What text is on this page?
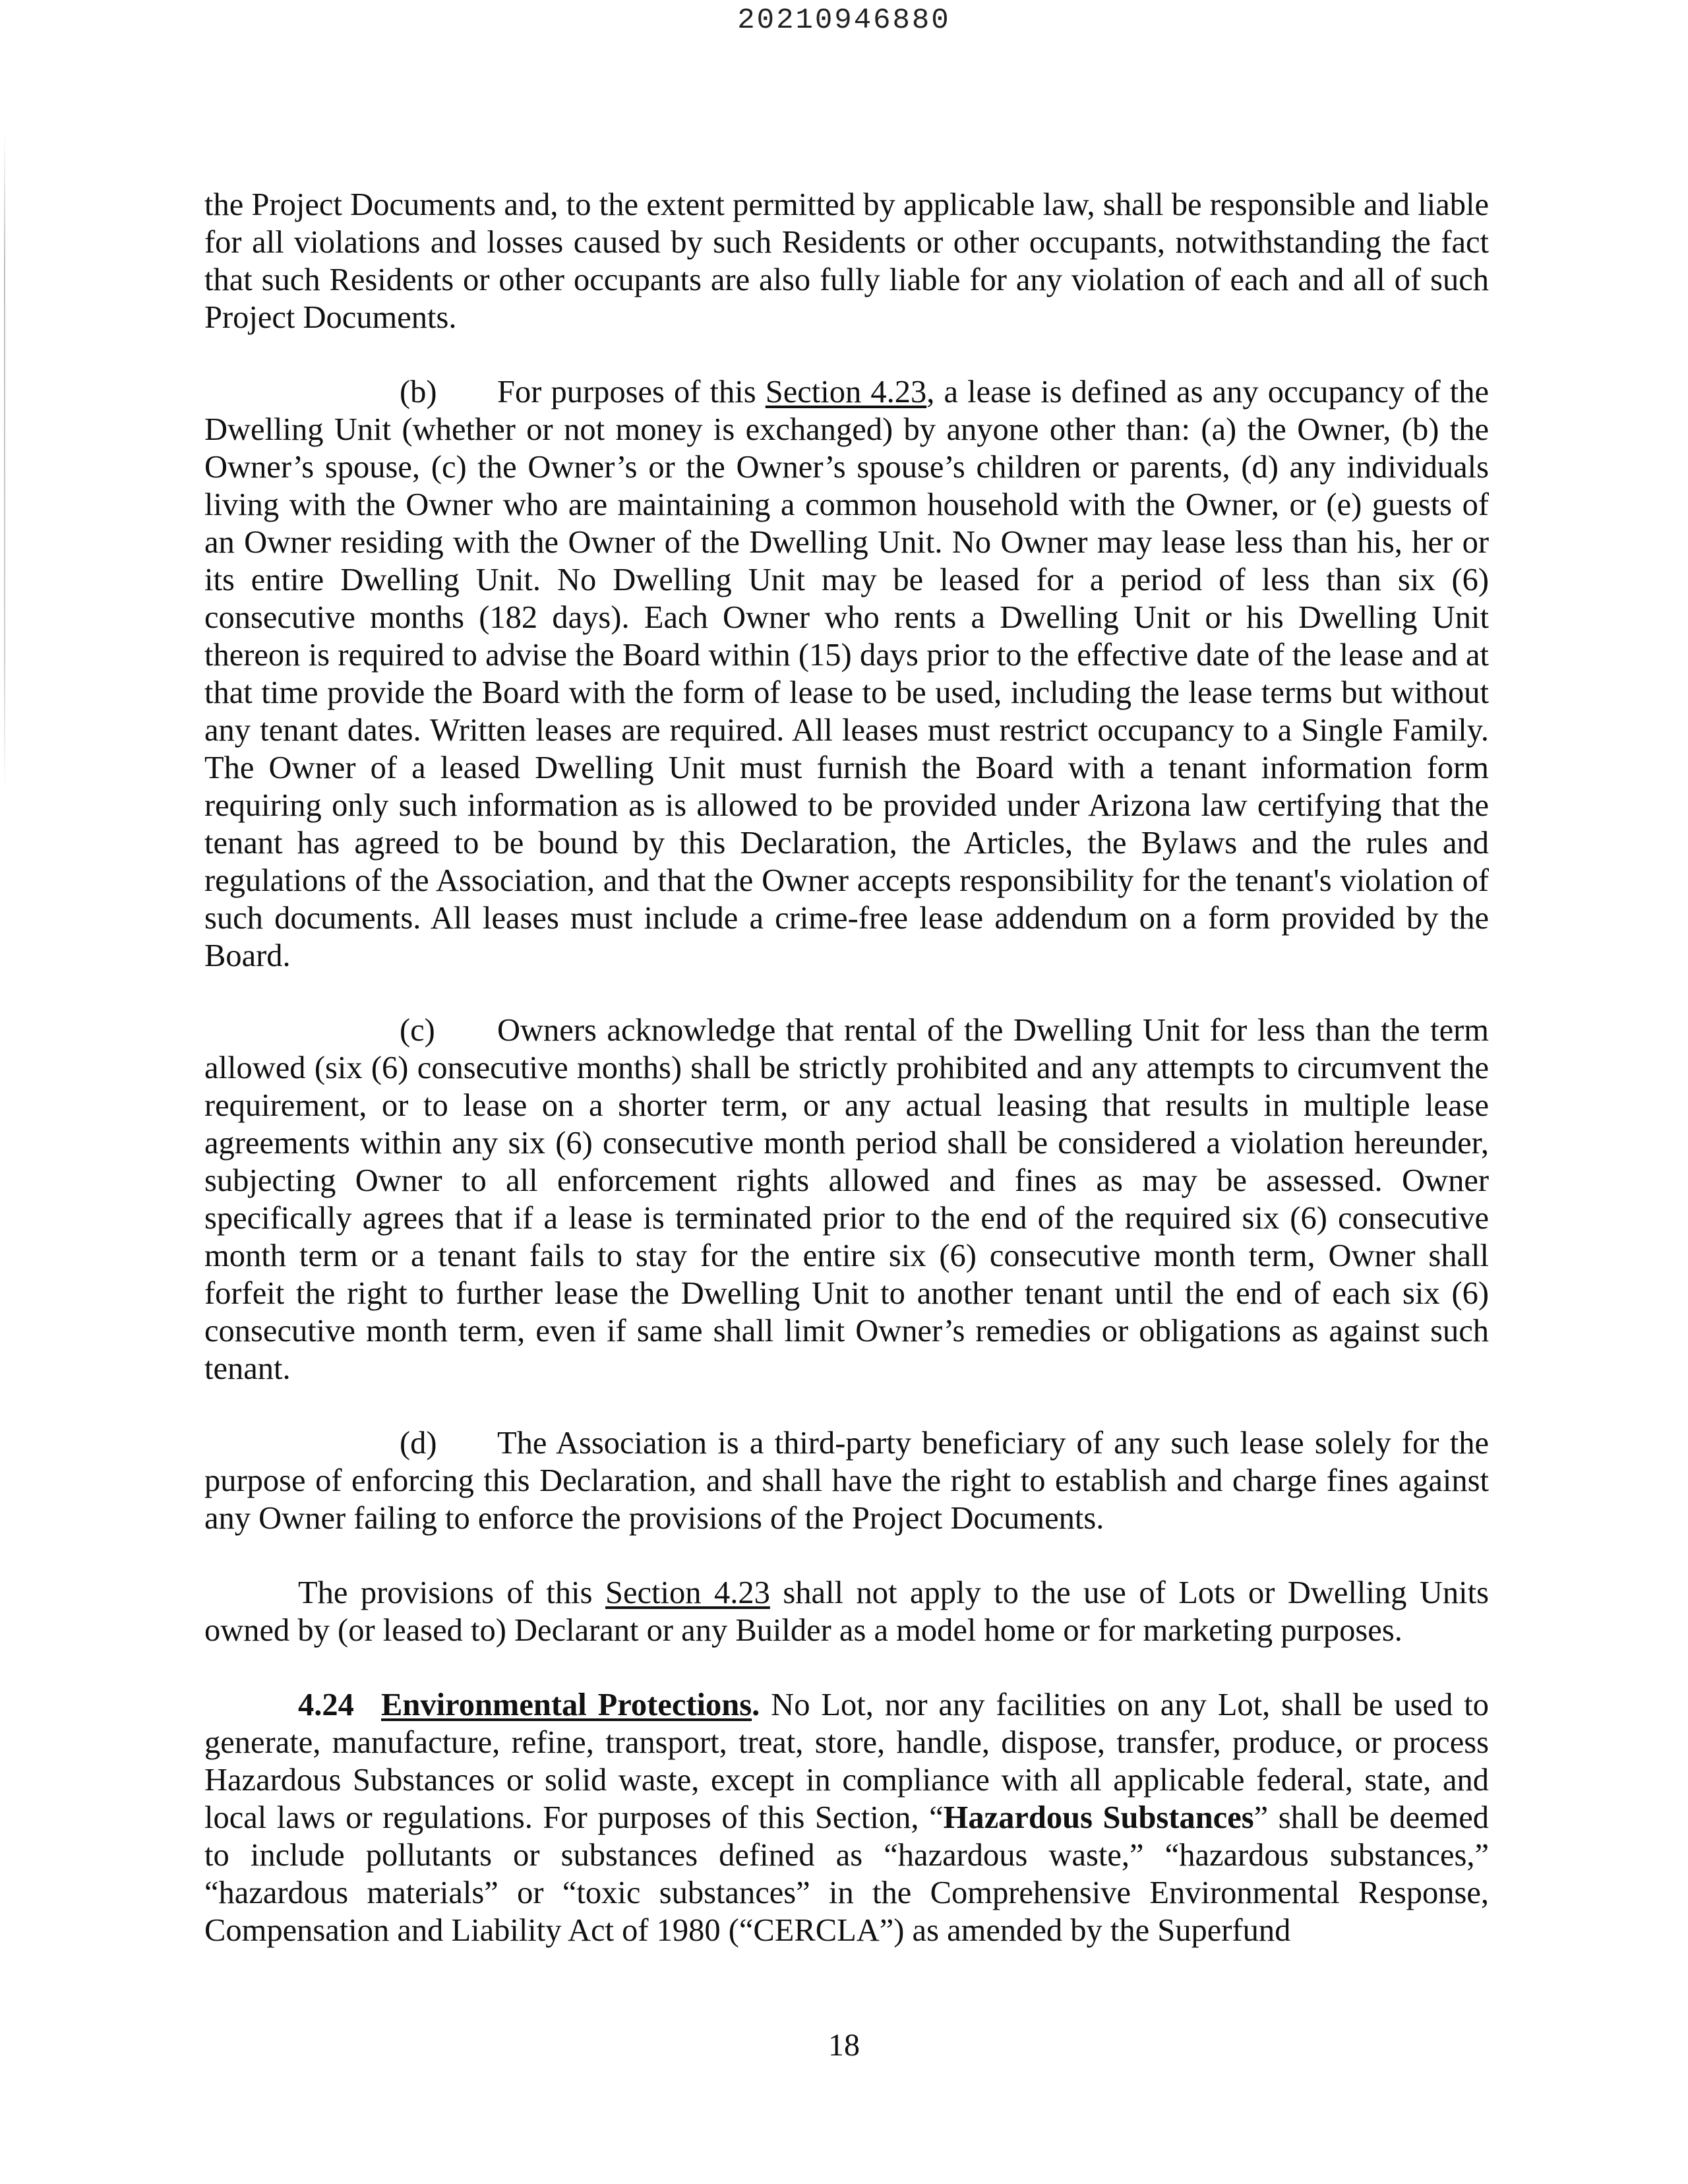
20210946880

the Project Documents and, to the extent permitted by applicable law, shall be responsible and liable for all violations and losses caused by such Residents or other occupants, notwithstanding the fact that such Residents or other occupants are also fully liable for any violation of each and all of such Project Documents.

(b) For purposes of this Section 4.23, a lease is defined as any occupancy of the Dwelling Unit (whether or not money is exchanged) by anyone other than: (a) the Owner, (b) the Owner’s spouse, (c) the Owner’s or the Owner’s spouse’s children or parents, (d) any individuals living with the Owner who are maintaining a common household with the Owner, or (e) guests of an Owner residing with the Owner of the Dwelling Unit. No Owner may lease less than his, her or its entire Dwelling Unit. No Dwelling Unit may be leased for a period of less than six (6) consecutive months (182 days). Each Owner who rents a Dwelling Unit or his Dwelling Unit thereon is required to advise the Board within (15) days prior to the effective date of the lease and at that time provide the Board with the form of lease to be used, including the lease terms but without any tenant dates. Written leases are required. All leases must restrict occupancy to a Single Family. The Owner of a leased Dwelling Unit must furnish the Board with a tenant information form requiring only such information as is allowed to be provided under Arizona law certifying that the tenant has agreed to be bound by this Declaration, the Articles, the Bylaws and the rules and regulations of the Association, and that the Owner accepts responsibility for the tenant's violation of such documents. All leases must include a crime-free lease addendum on a form provided by the Board.

(c) Owners acknowledge that rental of the Dwelling Unit for less than the term allowed (six (6) consecutive months) shall be strictly prohibited and any attempts to circumvent the requirement, or to lease on a shorter term, or any actual leasing that results in multiple lease agreements within any six (6) consecutive month period shall be considered a violation hereunder, subjecting Owner to all enforcement rights allowed and fines as may be assessed. Owner specifically agrees that if a lease is terminated prior to the end of the required six (6) consecutive month term or a tenant fails to stay for the entire six (6) consecutive month term, Owner shall forfeit the right to further lease the Dwelling Unit to another tenant until the end of each six (6) consecutive month term, even if same shall limit Owner’s remedies or obligations as against such tenant.

(d) The Association is a third-party beneficiary of any such lease solely for the purpose of enforcing this Declaration, and shall have the right to establish and charge fines against any Owner failing to enforce the provisions of the Project Documents.

The provisions of this Section 4.23 shall not apply to the use of Lots or Dwelling Units owned by (or leased to) Declarant or any Builder as a model home or for marketing purposes.

4.24 Environmental Protections. No Lot, nor any facilities on any Lot, shall be used to generate, manufacture, refine, transport, treat, store, handle, dispose, transfer, produce, or process Hazardous Substances or solid waste, except in compliance with all applicable federal, state, and local laws or regulations. For purposes of this Section, “Hazardous Substances” shall be deemed to include pollutants or substances defined as “hazardous waste,” “hazardous substances,” “hazardous materials” or “toxic substances” in the Comprehensive Environmental Response, Compensation and Liability Act of 1980 (“CERCLA”) as amended by the Superfund

18
